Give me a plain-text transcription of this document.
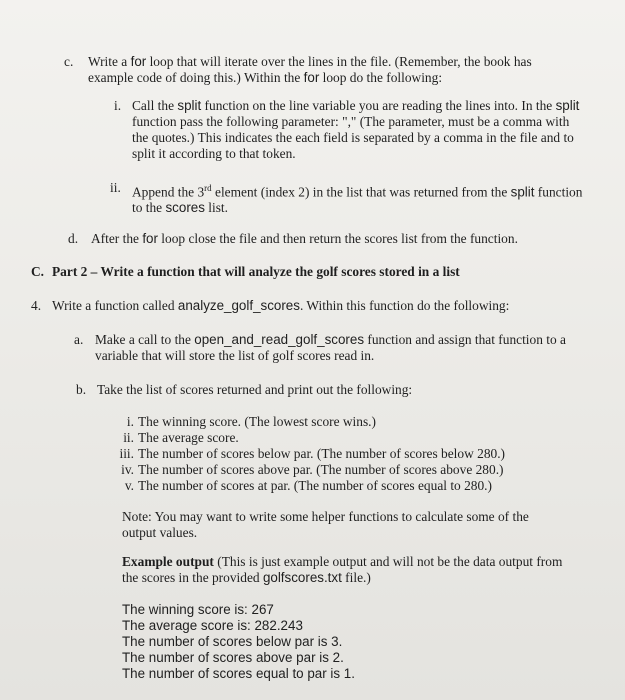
c. Write a for loop that will iterate over the lines in the file. (Remember, the book has example code of doing this.) Within the for loop do the following:
i. Call the split function on the line variable you are reading the lines into. In the split function pass the following parameter: "," (The parameter, must be a comma with the quotes.) This indicates the each field is separated by a comma in the file and to split it according to that token.
ii. Append the 3rd element (index 2) in the list that was returned from the split function to the scores list.
d. After the for loop close the file and then return the scores list from the function.
C. Part 2 – Write a function that will analyze the golf scores stored in a list
4. Write a function called analyze_golf_scores. Within this function do the following:
a. Make a call to the open_and_read_golf_scores function and assign that function to a variable that will store the list of golf scores read in.
b. Take the list of scores returned and print out the following:
i. The winning score. (The lowest score wins.)
ii. The average score.
iii. The number of scores below par. (The number of scores below 280.)
iv. The number of scores above par. (The number of scores above 280.)
v. The number of scores at par. (The number of scores equal to 280.)
Note: You may want to write some helper functions to calculate some of the output values.
Example output (This is just example output and will not be the data output from the scores in the provided golfscores.txt file.)
The winning score is: 267
The average score is: 282.243
The number of scores below par is 3.
The number of scores above par is 2.
The number of scores equal to par is 1.
